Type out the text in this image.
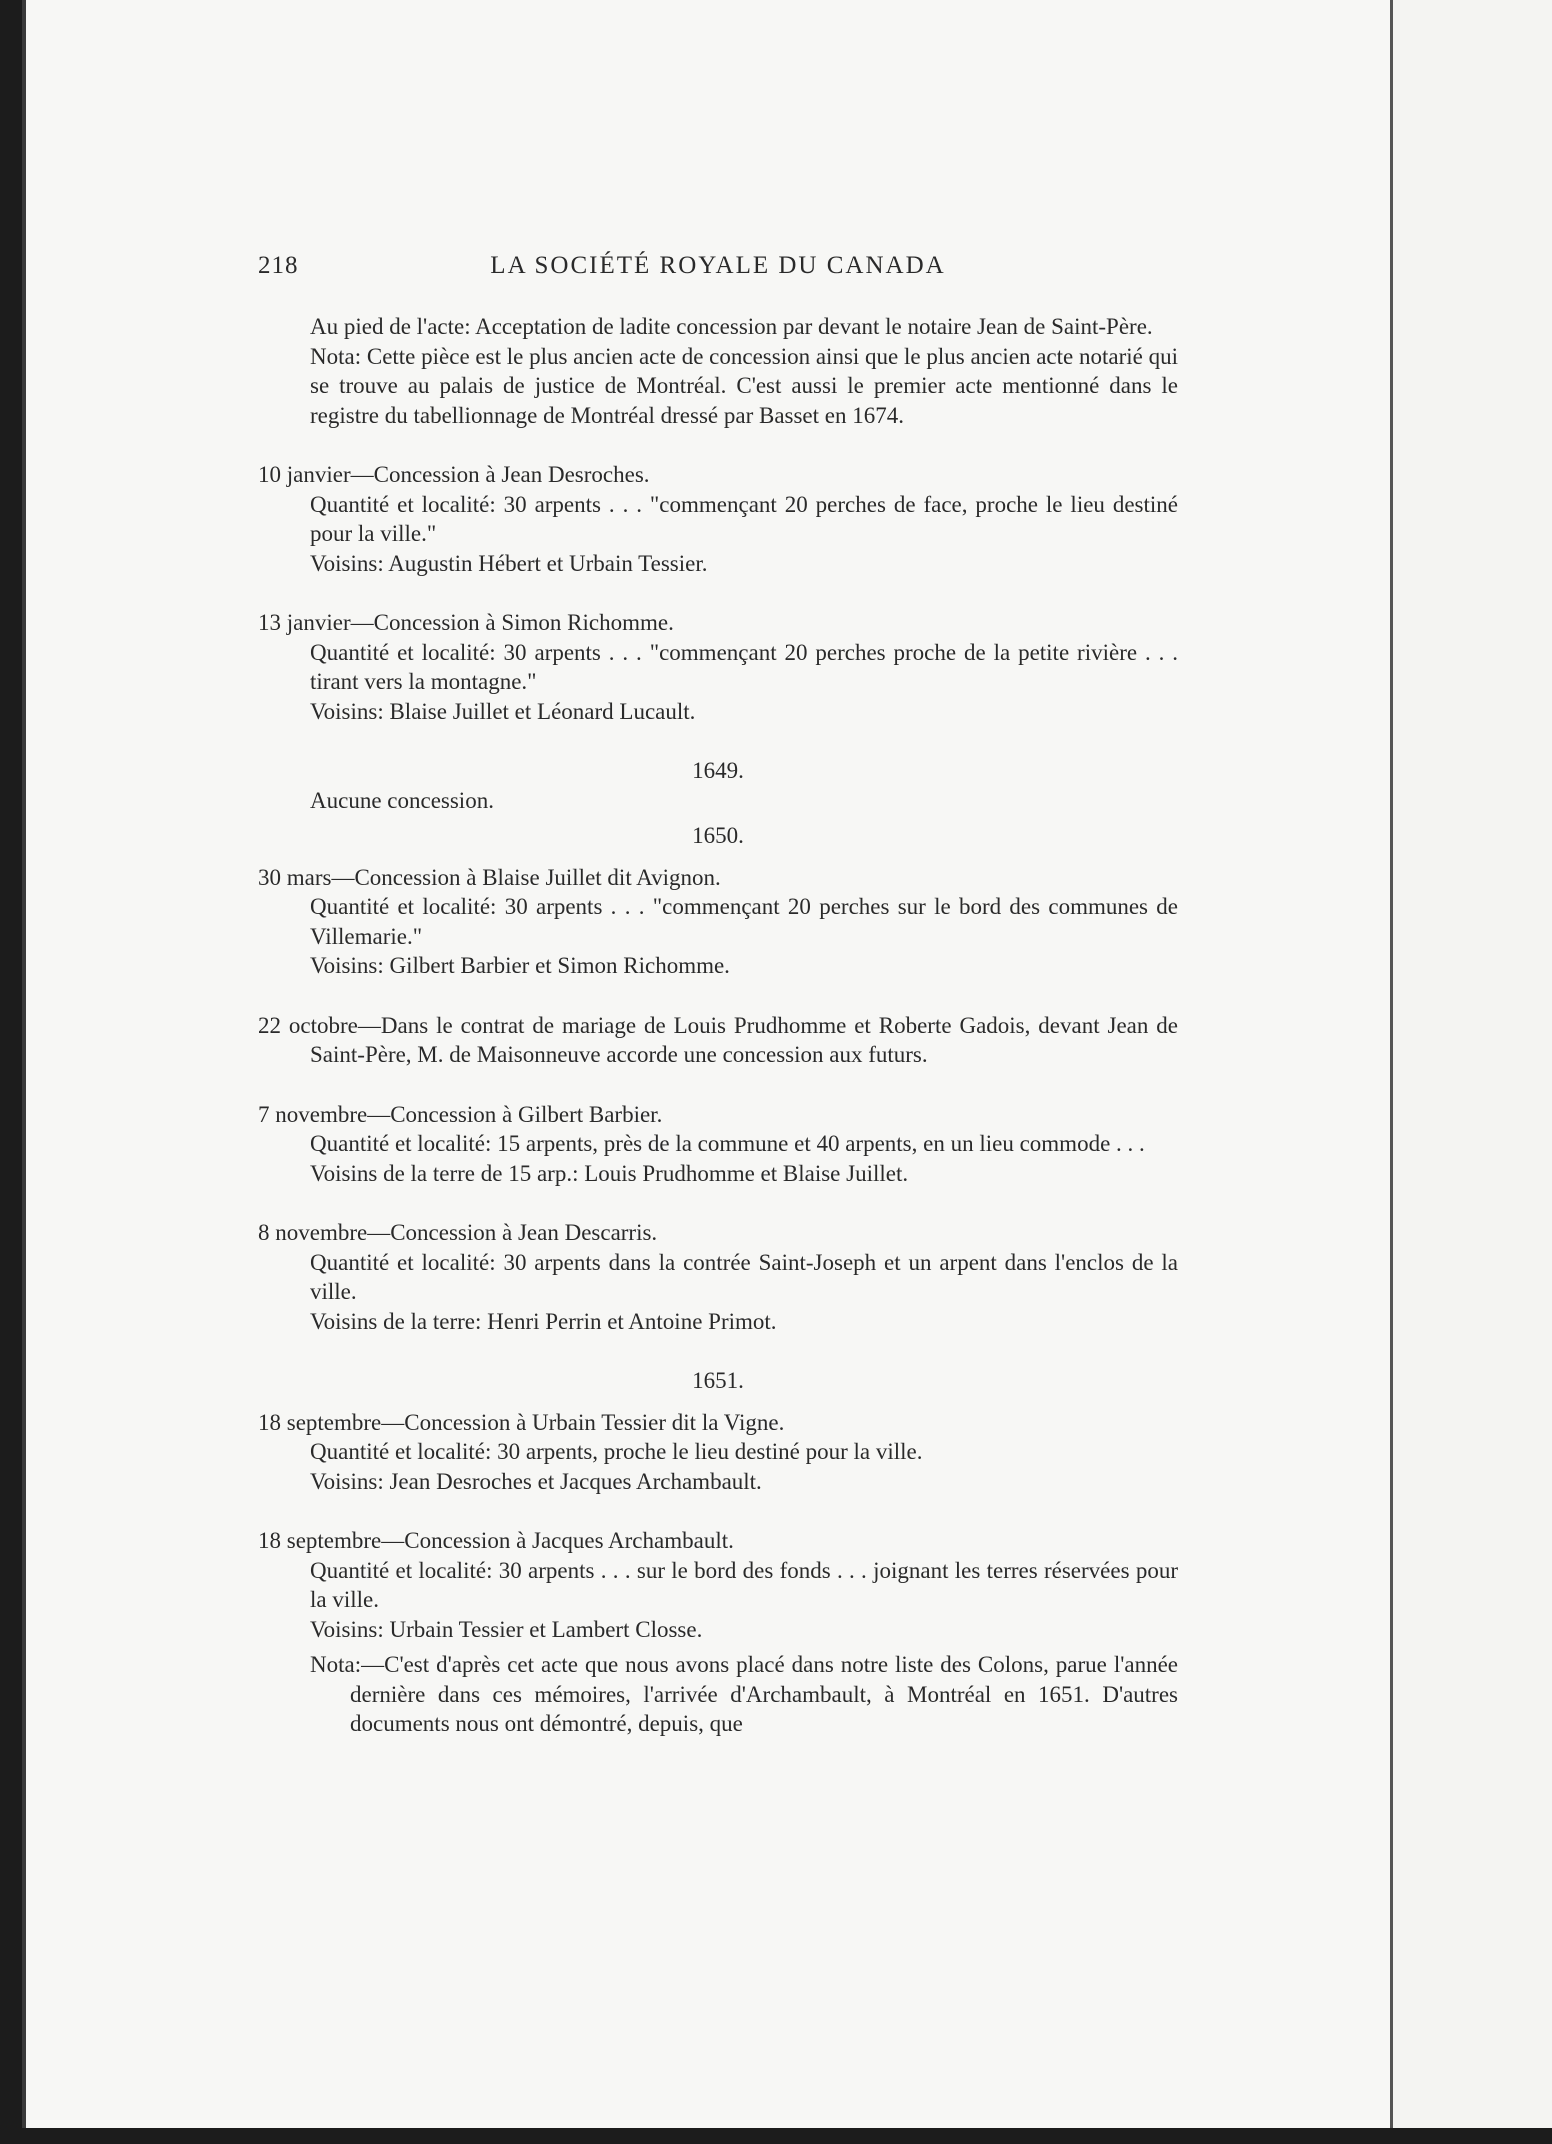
218	LA SOCIÉTÉ ROYALE DU CANADA
Au pied de l'acte: Acceptation de ladite concession par devant le notaire Jean de Saint-Père.
Nota: Cette pièce est le plus ancien acte de concession ainsi que le plus ancien acte notarié qui se trouve au palais de justice de Montréal. C'est aussi le premier acte mentionné dans le registre du tabellionnage de Montréal dressé par Basset en 1674.
10 janvier—Concession à Jean Desroches.
Quantité et localité: 30 arpents . . . "commençant 20 perches de face, proche le lieu destiné pour la ville."
Voisins: Augustin Hébert et Urbain Tessier.
13 janvier—Concession à Simon Richomme.
Quantité et localité: 30 arpents . . . "commençant 20 perches proche de la petite rivière . . . tirant vers la montagne."
Voisins: Blaise Juillet et Léonard Lucault.
1649.
Aucune concession.
1650.
30 mars—Concession à Blaise Juillet dit Avignon.
Quantité et localité: 30 arpents . . . "commençant 20 perches sur le bord des communes de Villemarie."
Voisins: Gilbert Barbier et Simon Richomme.
22 octobre—Dans le contrat de mariage de Louis Prudhomme et Roberte Gadois, devant Jean de Saint-Père, M. de Maisonneuve accorde une concession aux futurs.
7 novembre—Concession à Gilbert Barbier.
Quantité et localité: 15 arpents, près de la commune et 40 arpents, en un lieu commode . . .
Voisins de la terre de 15 arp.: Louis Prudhomme et Blaise Juillet.
8 novembre—Concession à Jean Descarris.
Quantité et localité: 30 arpents dans la contrée Saint-Joseph et un arpent dans l'enclos de la ville.
Voisins de la terre: Henri Perrin et Antoine Primot.
1651.
18 septembre—Concession à Urbain Tessier dit la Vigne.
Quantité et localité: 30 arpents, proche le lieu destiné pour la ville.
Voisins: Jean Desroches et Jacques Archambault.
18 septembre—Concession à Jacques Archambault.
Quantité et localité: 30 arpents . . . sur le bord des fonds . . . joignant les terres réservées pour la ville.
Voisins: Urbain Tessier et Lambert Closse.
Nota:—C'est d'après cet acte que nous avons placé dans notre liste des Colons, parue l'année dernière dans ces mémoires, l'arrivée d'Archambault, à Montréal en 1651. D'autres documents nous ont démontré, depuis, que
